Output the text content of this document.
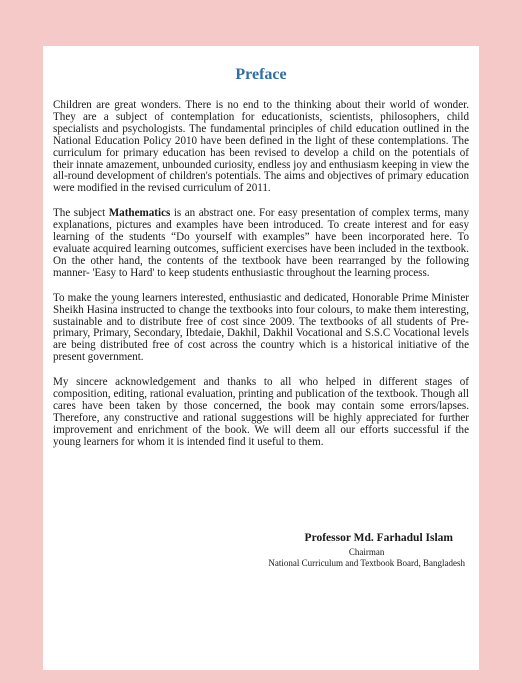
Preface

Children are great wonders. There is no end to the thinking about their world of wonder. They are a subject of contemplation for educationists, scientists, philosophers, child specialists and psychologists. The fundamental principles of child education outlined in the National Education Policy 2010 have been defined in the light of these contemplations. The curriculum for primary education has been revised to develop a child on the potentials of their innate amazement, unbounded curiosity, endless joy and enthusiasm keeping in view the all-round development of children's potentials. The aims and objectives of primary education were modified in the revised curriculum of 2011.

The subject Mathematics is an abstract one. For easy presentation of complex terms, many explanations, pictures and examples have been introduced. To create interest and for easy learning of the students “Do yourself with examples” have been incorporated here. To evaluate acquired learning outcomes, sufficient exercises have been included in the textbook. On the other hand, the contents of the textbook have been rearranged by the following manner- 'Easy to Hard' to keep students enthusiastic throughout the learning process.

To make the young learners interested, enthusiastic and dedicated, Honorable Prime Minister Sheikh Hasina instructed to change the textbooks into four colours, to make them interesting, sustainable and to distribute free of cost since 2009. The textbooks of all students of Pre-primary, Primary, Secondary, Ibtedaie, Dakhil, Dakhil Vocational and S.S.C Vocational levels are being distributed free of cost across the country which is a historical initiative of the present government.

My sincere acknowledgement and thanks to all who helped in different stages of composition, editing, rational evaluation, printing and publication of the textbook. Though all cares have been taken by those concerned, the book may contain some errors/lapses. Therefore, any constructive and rational suggestions will be highly appreciated for further improvement and enrichment of the book. We will deem all our efforts successful if the young learners for whom it is intended find it useful to them.

Professor Md. Farhadul Islam
Chairman
National Curriculum and Textbook Board, Bangladesh
